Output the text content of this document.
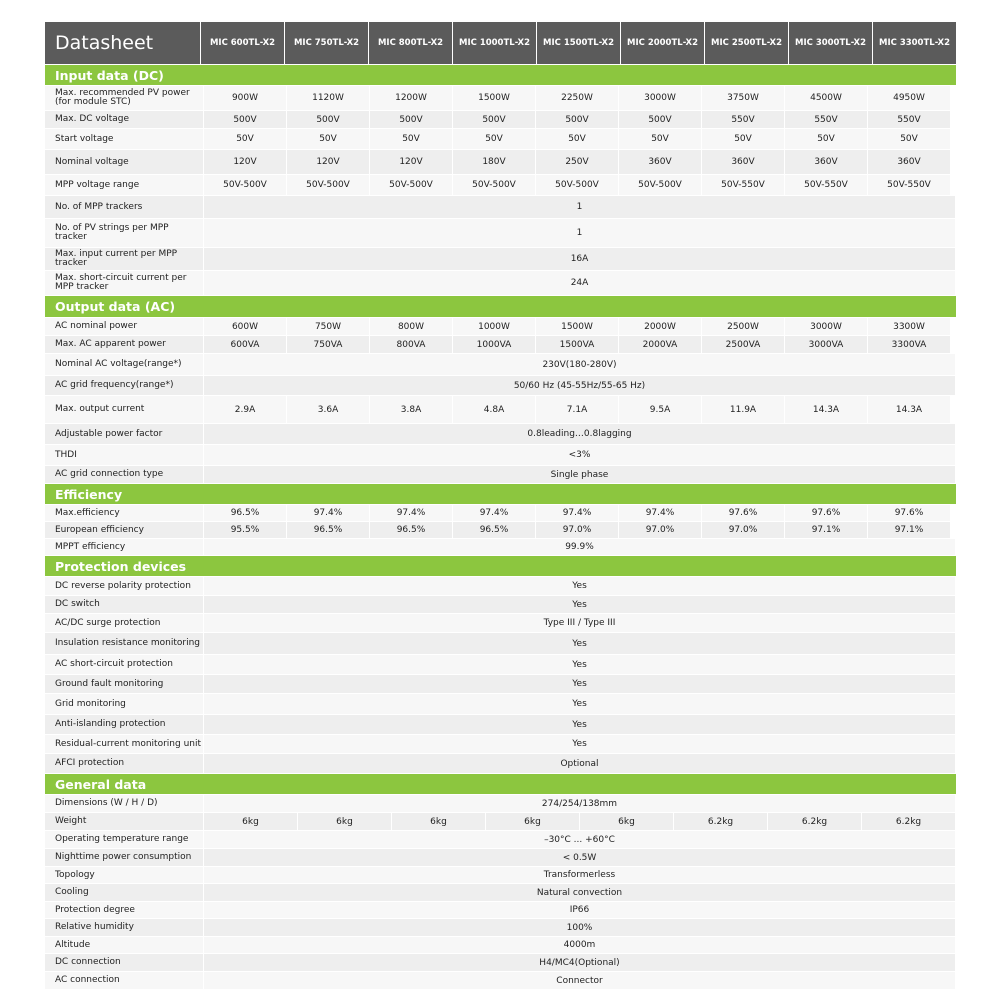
Datasheet	MIC 600TL-X2	MIC 750TL-X2	MIC 800TL-X2	MIC 1000TL-X2	MIC 1500TL-X2	MIC 2000TL-X2	MIC 2500TL-X2	MIC 3000TL-X2	MIC 3300TL-X2
Input data (DC)
Max. recommended PV power (for module STC)	900W	1120W	1200W	1500W	2250W	3000W	3750W	4500W	4950W
Max. DC voltage	500V	500V	500V	500V	500V	500V	550V	550V	550V
Start voltage	50V	50V	50V	50V	50V	50V	50V	50V	50V
Nominal voltage	120V	120V	120V	180V	250V	360V	360V	360V	360V
MPP voltage range	50V-500V	50V-500V	50V-500V	50V-500V	50V-500V	50V-500V	50V-550V	50V-550V	50V-550V
No. of MPP trackers	1
No. of PV strings per MPP tracker	1
Max. input current per MPP tracker	16A
Max. short-circuit current per MPP tracker	24A
Output data (AC)
AC nominal power	600W	750W	800W	1000W	1500W	2000W	2500W	3000W	3300W
Max. AC apparent power	600VA	750VA	800VA	1000VA	1500VA	2000VA	2500VA	3000VA	3300VA
Nominal AC voltage(range*)	230V(180-280V)
AC grid frequency(range*)	50/60 Hz (45-55Hz/55-65 Hz)
Max. output current	2.9A	3.6A	3.8A	4.8A	7.1A	9.5A	11.9A	14.3A	14.3A
Adjustable power factor	0.8leading…0.8lagging
THDI	<3%
AC grid connection type	Single phase
Efficiency
Max.efficiency	96.5%	97.4%	97.4%	97.4%	97.4%	97.4%	97.6%	97.6%	97.6%
European efficiency	95.5%	96.5%	96.5%	96.5%	97.0%	97.0%	97.0%	97.1%	97.1%
MPPT efficiency	99.9%
Protection devices
DC reverse polarity protection	Yes
DC switch	Yes
AC/DC surge protection	Type III / Type III
Insulation resistance monitoring	Yes
AC short-circuit protection	Yes
Ground fault monitoring	Yes
Grid monitoring	Yes
Anti-islanding protection	Yes
Residual-current monitoring unit	Yes
AFCI protection	Optional
General data
Dimensions (W / H / D)	274/254/138mm
Weight	6kg	6kg	6kg	6kg	6kg	6.2kg	6.2kg	6.2kg
Operating temperature range	–30°C ... +60°C
Nighttime power consumption	< 0.5W
Topology	Transformerless
Cooling	Natural convection
Protection degree	IP66
Relative humidity	100%
Altitude	4000m
DC connection	H4/MC4(Optional)
AC connection	Connector
